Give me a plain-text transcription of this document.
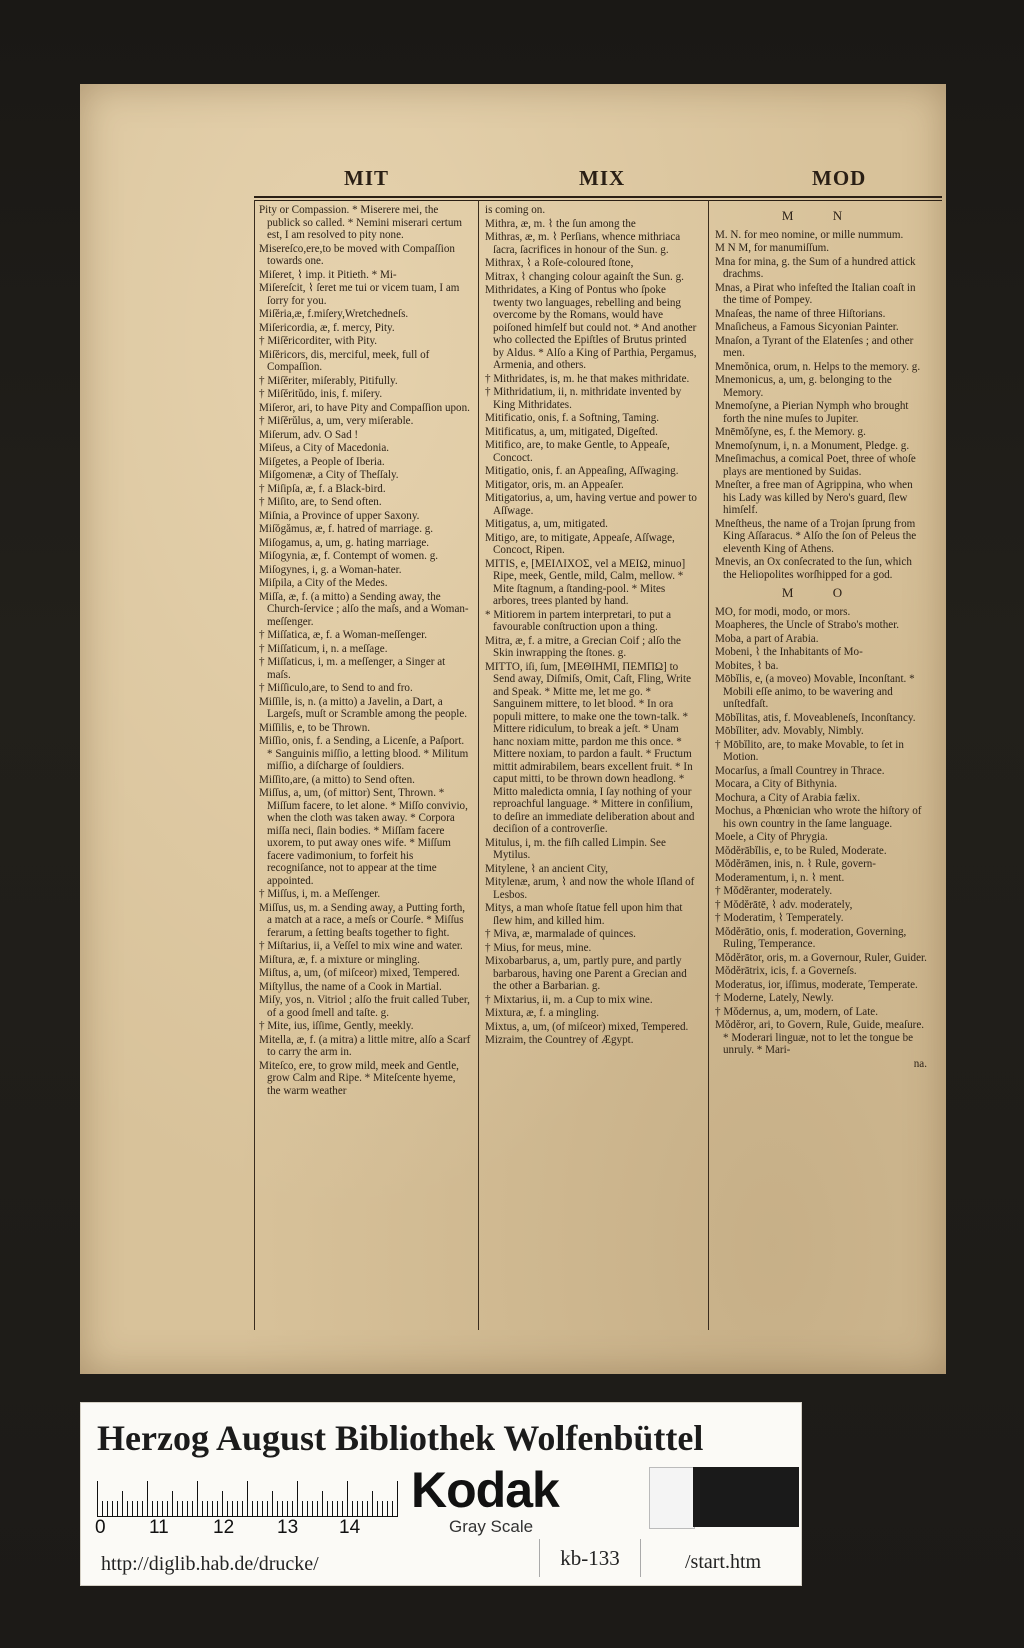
MIT	MIX	MOD
Pity or Compassion. * Miserere mei, the publick so called. * Nemini miserari certum est, I am resolved to pity none.
Misereſco,ere,to be moved with Compaſſion towards one.
Miſeret, ⌇ imp. it Pitieth. * Mi-
Miſereſcit, ⌇ ſeret me tui or vicem tuam, I am ſorry for you.
Miſĕria,æ, f.miſery,Wretchedneſs.
Miſericordia, æ, f. mercy, Pity.
† Miſĕricorditer, with Pity.
Miſĕricors, dis, merciful, meek, full of Compaſſion.
† Miſĕriter, miſerably, Pitifully.
† Miſĕritŭdo, inis, f. miſery.
Miſeror, ari, to have Pity and Compaſſion upon.
† Miſĕrŭlus, a, um, very miſerable.
Miſerum, adv. O Sad !
Miſeus, a City of Macedonia.
Miſgetes, a People of Iberia.
Miſgomenæ, a City of Theſſaly.
† Miſipſa, æ, f. a Black-bird.
† Miſito, are, to Send often.
Miſnia, a Province of upper Saxony.
Miſŏgămus, æ, f. hatred of marriage. g.
Miſogamus, a, um, g. hating marriage.
Miſogynia, æ, f. Contempt of women. g.
Miſogynes, i, g. a Woman-hater.
Miſpila, a City of the Medes.
Miſſa, æ, f. (a mitto) a Sending away, the Church-ſervice ; alſo the maſs, and a Woman-meſſenger.
† Miſſatica, æ, f. a Woman-meſſenger.
† Miſſaticum, i, n. a meſſage.
† Miſſaticus, i, m. a meſſenger, a Singer at maſs.
† Miſſiculo,are, to Send to and fro.
Miſſile, is, n. (a mitto) a Javelin, a Dart, a Largeſs, muſt or Scramble among the people.
Miſſilis, e, to be Thrown.
Miſſio, onis, f. a Sending, a Licenſe, a Paſport. * Sanguinis miſſio, a letting blood. * Militum miſſio, a diſcharge of ſouldiers.
Miſſito,are, (a mitto) to Send often.
Miſſus, a, um, (of mittor) Sent, Thrown. * Miſſum facere, to let alone. * Miſſo convivio, when the cloth was taken away. * Corpora miſſa neci, ſlain bodies. * Miſſam facere uxorem, to put away ones wife. * Miſſum facere vadimonium, to forfeit his recogniſance, not to appear at the time appointed.
† Miſſus, i, m. a Meſſenger.
Miſſus, us, m. a Sending away, a Putting forth, a match at a race, a meſs or Courſe. * Miſſus ferarum, a ſetting beaſts together to fight.
† Miſtarius, ii, a Veſſel to mix wine and water.
Miſtura, æ, f. a mixture or mingling.
Miſtus, a, um, (of miſceor) mixed, Tempered.
Miſtyllus, the name of a Cook in Martial.
Miſy, yos, n. Vitriol ; alſo the fruit called Tuber, of a good ſmell and taſte. g.
† Mite, ius, iſſime, Gently, meekly.
Mitella, æ, f. (a mitra) a little mitre, alſo a Scarf to carry the arm in.
Miteſco, ere, to grow mild, meek and Gentle, grow Calm and Ripe. * Miteſcente hyeme, the warm weather
is coming on.
Mithra, æ, m. ⌇ the ſun among the
Mithras, æ, m. ⌇ Perſians, whence mithriaca ſacra, ſacrifices in honour of the Sun. g.
Mithrax, ⌇ a Roſe-coloured ſtone,
Mitrax, ⌇ changing colour againſt the Sun. g.
Mithridates, a King of Pontus who ſpoke twenty two languages, rebelling and being overcome by the Romans, would have poiſoned himſelf but could not. * And another who collected the Epiſtles of Brutus printed by Aldus. * Alſo a King of Parthia, Pergamus, Armenia, and others.
† Mithridates, is, m. he that makes mithridate.
† Mithridatium, ii, n. mithridate invented by King Mithridates.
Mitificatio, onis, f. a Softning, Taming.
Mitificatus, a, um, mitigated, Digeſted.
Mitifico, are, to make Gentle, to Appeaſe, Concoct.
Mitigatio, onis, f. an Appeaſing, Aſſwaging.
Mitigator, oris, m. an Appeaſer.
Mitigatorius, a, um, having vertue and power to Aſſwage.
Mitigatus, a, um, mitigated.
Mitigo, are, to mitigate, Appeaſe, Aſſwage, Concoct, Ripen.
MITIS, e, [ΜΕΙΛΙΧΟΣ, vel a ΜΕΙΩ, minuo] Ripe, meek, Gentle, mild, Calm, mellow. * Mite ſtagnum, a ſtanding-pool. * Mites arbores, trees planted by hand.
* Mitiorem in partem interpretari, to put a favourable conſtruction upon a thing.
Mitra, æ, f. a mitre, a Grecian Coif ; alſo the Skin inwrapping the ſtones. g.
MITTO, iſi, ſum, [ΜΕΘΙΗΜΙ, ΠΕΜΠΩ] to Send away, Diſmiſs, Omit, Caſt, Fling, Write and Speak. * Mitte me, let me go. * Sanguinem mittere, to let blood. * In ora populi mittere, to make one the town-talk. * Mittere ridiculum, to break a jeſt. * Unam hanc noxiam mitte, pardon me this once. * Mittere noxiam, to pardon a fault. * Fructum mittit admirabilem, bears excellent fruit. * In caput mitti, to be thrown down headlong. * Mitto maledicta omnia, I ſay nothing of your reproachful language. * Mittere in conſilium, to deſire an immediate deliberation about and deciſion of a controverſie.
Mitulus, i, m. the fiſh called Limpin. See Mytilus.
Mitylene, ⌇ an ancient City,
Mitylenæ, arum, ⌇ and now the whole Iſland of Lesbos.
Mitys, a man whoſe ſtatue fell upon him that ſlew him, and killed him.
† Miva, æ, marmalade of quinces.
† Mius, for meus, mine.
Mixobarbarus, a, um, partly pure, and partly barbarous, having one Parent a Grecian and the other a Barbarian. g.
† Mixtarius, ii, m. a Cup to mix wine.
Mixtura, æ, f. a mingling.
Mixtus, a, um, (of miſceor) mixed, Tempered.
Mizraim, the Countrey of Ægypt.
M N
M. N. for meo nomine, or mille nummum.
M N M, for manumiſſum.
Mna for mina, g. the Sum of a hundred attick drachms.
Mnas, a Pirat who infeſted the Italian coaſt in the time of Pompey.
Mnaſeas, the name of three Hiſtorians.
Mnaſicheus, a Famous Sicyonian Painter.
Mnaſon, a Tyrant of the Elatenſes ; and other men.
Mnemŏnica, orum, n. Helps to the memory. g.
Mnemonicus, a, um, g. belonging to the Memory.
Mnemoſyne, a Pierian Nymph who brought forth the nine muſes to Jupiter.
Mnēmŏſyne, es, f. the Memory. g.
Mnemoſynum, i, n. a Monument, Pledge. g.
Mneſimachus, a comical Poet, three of whoſe plays are mentioned by Suidas.
Mneſter, a free man of Agrippina, who when his Lady was killed by Nero's guard, ſlew himſelf.
Mneſtheus, the name of a Trojan ſprung from King Aſſaracus. * Alſo the ſon of Peleus the eleventh King of Athens.
Mnevis, an Ox conſecrated to the ſun, which the Heliopolites worſhipped for a god.
M O
MO, for modi, modo, or mors.
Moapheres, the Uncle of Strabo's mother.
Moba, a part of Arabia.
Mobeni, ⌇ the Inhabitants of Mo-
Mobites, ⌇ ba.
Mōbĭlis, e, (a moveo) Movable, Inconſtant. * Mobili eſſe animo, to be wavering and unſtedfaſt.
Mōbĭlitas, atis, f. Moveableneſs, Inconſtancy.
Mōbĭliter, adv. Movably, Nimbly.
† Mōbĭlito, are, to make Movable, to ſet in Motion.
Mocarſus, a ſmall Countrey in Thrace.
Mocara, a City of Bithynia.
Mochura, a City of Arabia fælix.
Mochus, a Phœnician who wrote the hiſtory of his own country in the ſame language.
Moele, a City of Phrygia.
Mŏdĕrābĭlis, e, to be Ruled, Moderate.
Mŏdĕrāmen, inis, n. ⌇ Rule, govern-
Moderamentum, i, n. ⌇ ment.
† Mŏdĕranter, moderately.
† Mŏdĕrātē, ⌇ adv. moderately,
† Moderatim, ⌇ Temperately.
Mŏdĕrātio, onis, f. moderation, Governing, Ruling, Temperance.
Mŏdĕrātor, oris, m. a Governour, Ruler, Guider.
Mŏdĕrātrix, icis, f. a Governeſs.
Moderatus, ior, iſſimus, moderate, Temperate.
† Moderne, Lately, Newly.
† Mŏdernus, a, um, modern, of Late.
Mŏdĕror, ari, to Govern, Rule, Guide, meaſure. * Moderari linguæ, not to let the tongue be unruly. * Mari-
na.
Herzog August Bibliothek Wolfenbüttel
0 11 12 13 14
Kodak
Gray Scale
http://diglib.hab.de/drucke/	kb-133	/start.htm
